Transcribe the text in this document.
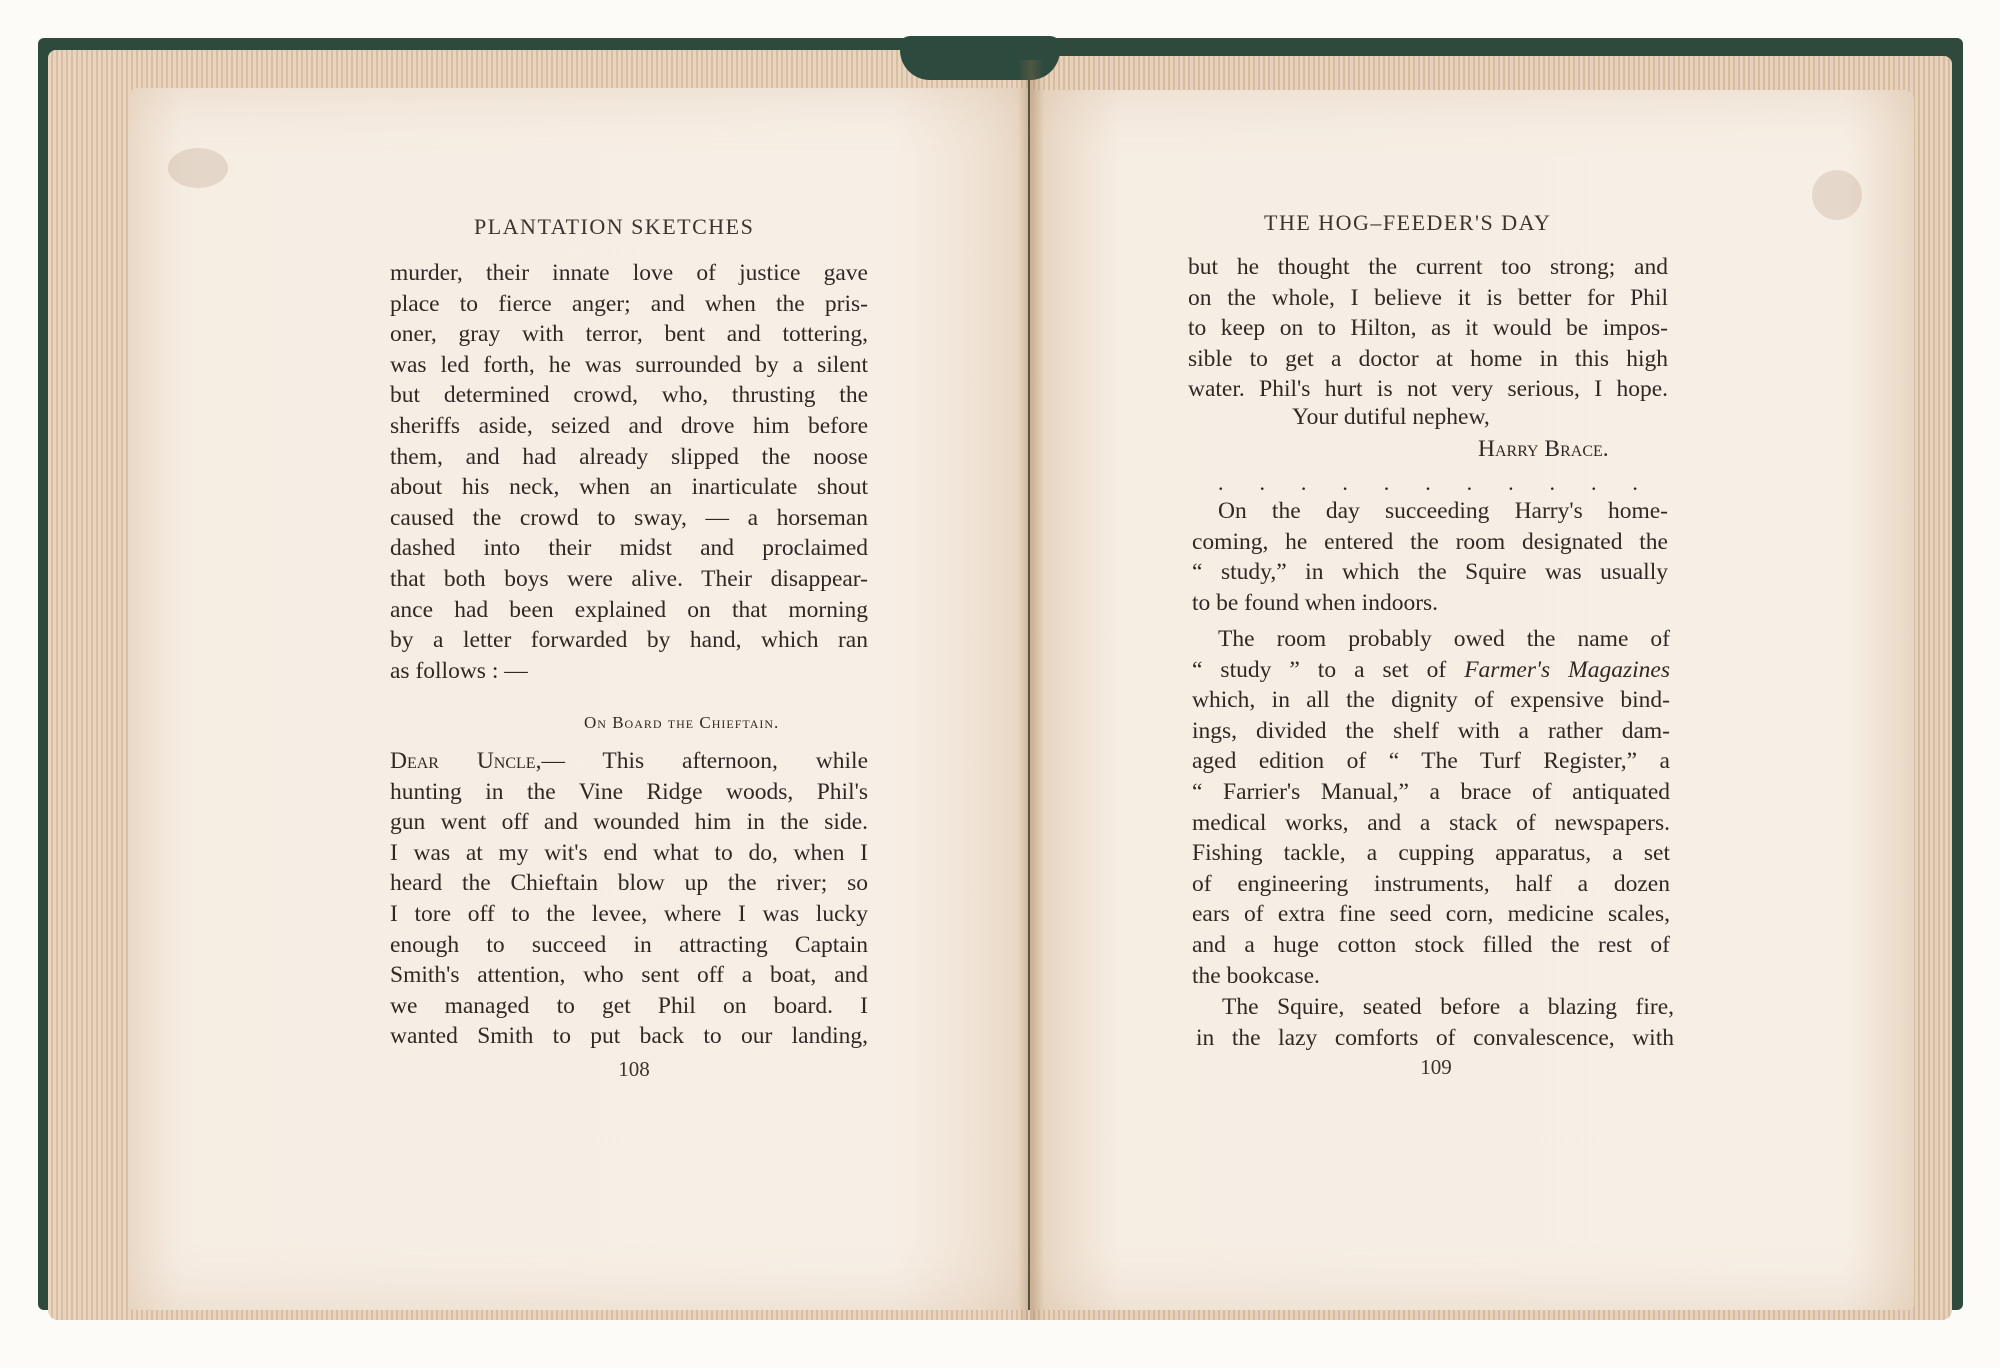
PLANTATION SKETCHES
murder, their innate love of justice gave
place to fierce anger; and when the pris-
oner, gray with terror, bent and tottering,
was led forth, he was surrounded by a silent
but determined crowd, who, thrusting the
sheriffs aside, seized and drove him before
them, and had already slipped the noose
about his neck, when an inarticulate shout
caused the crowd to sway, — a horseman
dashed into their midst and proclaimed
that both boys were alive. Their disappear-
ance had been explained on that morning
by a letter forwarded by hand, which ran
as follows : —
On Board the Chieftain.
Dear Uncle,— This afternoon, while
hunting in the Vine Ridge woods, Phil's
gun went off and wounded him in the side.
I was at my wit's end what to do, when I
heard the Chieftain blow up the river; so
I tore off to the levee, where I was lucky
enough to succeed in attracting Captain
Smith's attention, who sent off a boat, and
we managed to get Phil on board. I
wanted Smith to put back to our landing,
108
THE HOG–FEEDER'S DAY
but he thought the current too strong; and
on the whole, I believe it is better for Phil
to keep on to Hilton, as it would be impos-
sible to get a doctor at home in this high
water. Phil's hurt is not very serious, I hope.
Your dutiful nephew,
Harry Brace.
. . . . . . . . . . .
On the day succeeding Harry's home-
coming, he entered the room designated the
“ study,” in which the Squire was usually
to be found when indoors.
The room probably owed the name of
“ study ” to a set of Farmer's Magazines
which, in all the dignity of expensive bind-
ings, divided the shelf with a rather dam-
aged edition of “ The Turf Register,” a
“ Farrier's Manual,” a brace of antiquated
medical works, and a stack of newspapers.
Fishing tackle, a cupping apparatus, a set
of engineering instruments, half a dozen
ears of extra fine seed corn, medicine scales,
and a huge cotton stock filled the rest of
the bookcase.
The Squire, seated before a blazing fire,
in the lazy comforts of convalescence, with
109
